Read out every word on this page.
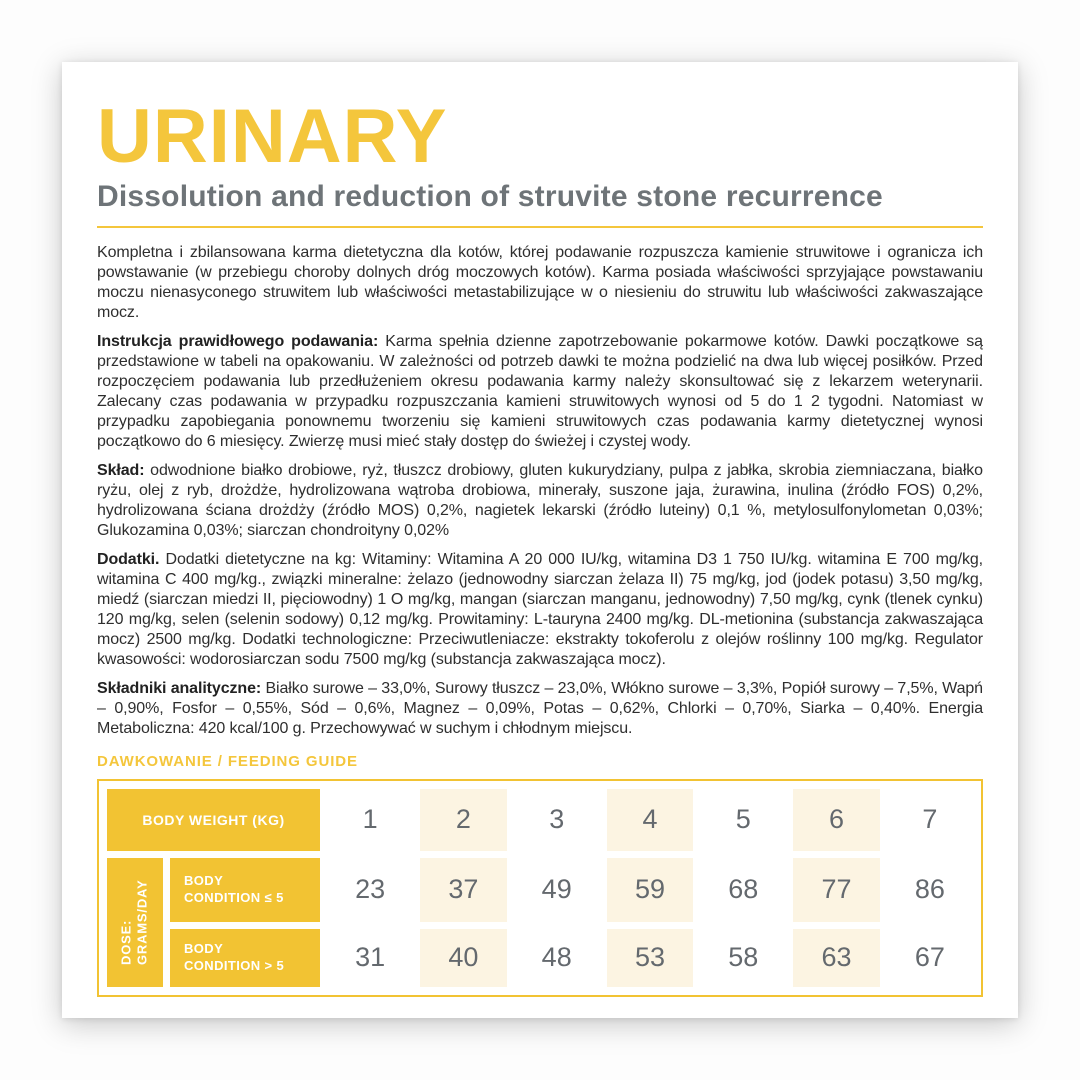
URINARY
Dissolution and reduction of struvite stone recurrence

Kompletna i zbilansowana karma dietetyczna dla kotów, której podawanie rozpuszcza kamienie struwitowe i ogranicza ich powstawanie (w przebiegu choroby dolnych dróg moczowych kotów). Karma posiada właściwości sprzyjające powstawaniu moczu nienasyconego struwitem lub właściwości metastabilizujące w o niesieniu do struwitu lub właściwości zakwaszające mocz.

Instrukcja prawidłowego podawania: Karma spełnia dzienne zapotrzebowanie pokarmowe kotów. Dawki początkowe są przedstawione w tabeli na opakowaniu. W zależności od potrzeb dawki te można podzielić na dwa lub więcej posiłków. Przed rozpoczęciem podawania lub przedłużeniem okresu podawania karmy należy skonsultować się z lekarzem weterynarii. Zalecany czas podawania w przypadku rozpuszczania kamieni struwitowych wynosi od 5 do 1 2 tygodni. Natomiast w przypadku zapobiegania ponownemu tworzeniu się kamieni struwitowych czas podawania karmy dietetycznej wynosi początkowo do 6 miesięcy. Zwierzę musi mieć stały dostęp do świeżej i czystej wody.

Skład: odwodnione białko drobiowe, ryż, tłuszcz drobiowy, gluten kukurydziany, pulpa z jabłka, skrobia ziemniaczana, białko ryżu, olej z ryb, drożdże, hydrolizowana wątroba drobiowa, minerały, suszone jaja, żurawina, inulina (źródło FOS) 0,2%, hydrolizowana ściana drożdży (źródło MOS) 0,2%, nagietek lekarski (źródło luteiny) 0,1 %, metylosulfonylometan 0,03%; Glukozamina 0,03%; siarczan chondroityny 0,02%

Dodatki. Dodatki dietetyczne na kg: Witaminy: Witamina A 20 000 IU/kg, witamina D3 1 750 IU/kg. witamina E 700 mg/kg, witamina C 400 mg/kg., związki mineralne: żelazo (jednowodny siarczan żelaza II) 75 mg/kg, jod (jodek potasu) 3,50 mg/kg, miedź (siarczan miedzi II, pięciowodny) 1 O mg/kg, mangan (siarczan manganu, jednowodny) 7,50 mg/kg, cynk (tlenek cynku) 120 mg/kg, selen (selenin sodowy) 0,12 mg/kg. Prowitaminy: L-tauryna 2400 mg/kg. DL-metionina (substancja zakwaszająca mocz) 2500 mg/kg. Dodatki technologiczne: Przeciwutleniacze: ekstrakty tokoferolu z olejów roślinny 100 mg/kg. Regulator kwasowości: wodorosiarczan sodu 7500 mg/kg (substancja zakwaszająca mocz).

Składniki analityczne: Białko surowe – 33,0%, Surowy tłuszcz – 23,0%, Włókno surowe – 3,3%, Popiół surowy – 7,5%, Wapń – 0,90%, Fosfor – 0,55%, Sód – 0,6%, Magnez – 0,09%, Potas – 0,62%, Chlorki – 0,70%, Siarka – 0,40%. Energia Metaboliczna: 420 kcal/100 g. Przechowywać w suchym i chłodnym miejscu.

DAWKOWANIE / FEEDING GUIDE
BODY WEIGHT (KG)	1	2	3	4	5	6	7
DOSE: GRAMS/DAY	BODY CONDITION ≤ 5	23	37	49	59	68	77	86
BODY CONDITION > 5	31	40	48	53	58	63	67
